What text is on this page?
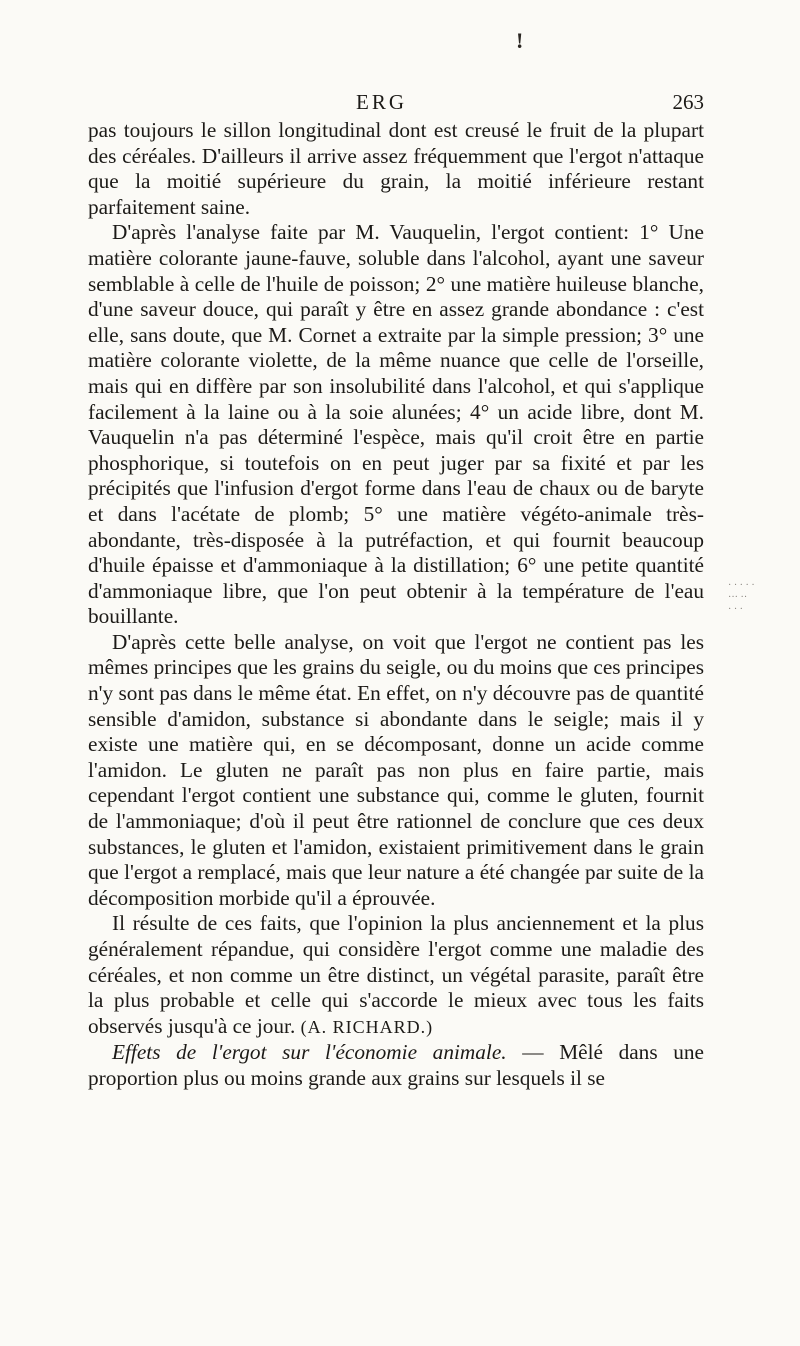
!
ERG	263

pas toujours le sillon longitudinal dont est creusé le fruit de la plupart des céréales. D'ailleurs il arrive assez fréquemment que l'ergot n'attaque que la moitié supérieure du grain, la moitié inférieure restant parfaitement saine.

D'après l'analyse faite par M. Vauquelin, l'ergot contient: 1° Une matière colorante jaune-fauve, soluble dans l'alcohol, ayant une saveur semblable à celle de l'huile de poisson; 2° une matière huileuse blanche, d'une saveur douce, qui paraît y être en assez grande abondance : c'est elle, sans doute, que M. Cornet a extraite par la simple pression; 3° une matière colorante violette, de la même nuance que celle de l'orseille, mais qui en diffère par son insolubilité dans l'alcohol, et qui s'applique facilement à la laine ou à la soie alunées; 4° un acide libre, dont M. Vauquelin n'a pas déterminé l'espèce, mais qu'il croit être en partie phosphorique, si toutefois on en peut juger par sa fixité et par les précipités que l'infusion d'ergot forme dans l'eau de chaux ou de baryte et dans l'acétate de plomb; 5° une matière végéto-animale très-abondante, très-disposée à la putréfaction, et qui fournit beaucoup d'huile épaisse et d'ammoniaque à la distillation; 6° une petite quantité d'ammoniaque libre, que l'on peut obtenir à la température de l'eau bouillante.

D'après cette belle analyse, on voit que l'ergot ne contient pas les mêmes principes que les grains du seigle, ou du moins que ces principes n'y sont pas dans le même état. En effet, on n'y découvre pas de quantité sensible d'amidon, substance si abondante dans le seigle; mais il y existe une matière qui, en se décomposant, donne un acide comme l'amidon. Le gluten ne paraît pas non plus en faire partie, mais cependant l'ergot contient une substance qui, comme le gluten, fournit de l'ammoniaque; d'où il peut être rationnel de conclure que ces deux substances, le gluten et l'amidon, existaient primitivement dans le grain que l'ergot a remplacé, mais que leur nature a été changée par suite de la décomposition morbide qu'il a éprouvée.

Il résulte de ces faits, que l'opinion la plus anciennement et la plus généralement répandue, qui considère l'ergot comme une maladie des céréales, et non comme un être distinct, un végétal parasite, paraît être la plus probable et celle qui s'accorde le mieux avec tous les faits observés jusqu'à ce jour. (A. RICHARD.)

Effets de l'ergot sur l'économie animale. — Mêlé dans une proportion plus ou moins grande aux grains sur lesquels il se

· · · · ·
··· ··
· · ·
